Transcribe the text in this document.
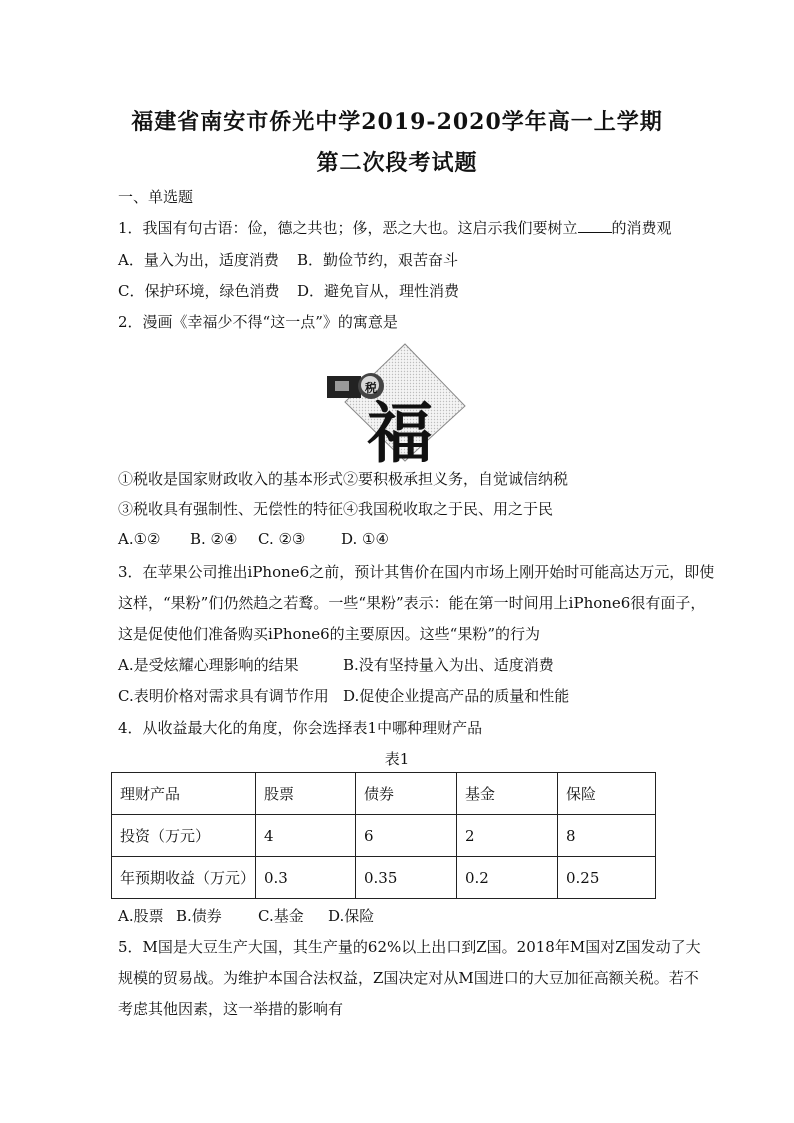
福建省南安市侨光中学2019-2020学年高一上学期
第二次段考试题
一、单选题
1．我国有句古语：俭，德之共也；侈，恶之大也。这启示我们要树立 的消费观
A．量入为出，适度消费 B．勤俭节约，艰苦奋斗
C．保护环境，绿色消费 D．避免盲从，理性消费
2．漫画《幸福少不得“这一点”》的寓意是
税
福
①税收是国家财政收入的基本形式 ②要积极承担义务，自觉诚信纳税
③税收具有强制性、无偿性的特征 ④我国税收取之于民、用之于民
A.①② B. ②④ C. ②③ D. ①④
3．在苹果公司推出iPhone6之前，预计其售价在国内市场上刚开始时可能高达万元，即使
这样，“果粉”们仍然趋之若鹜。一些“果粉”表示：能在第一时间用上iPhone6很有面子，
这是促使他们准备购买iPhone6的主要原因。这些“果粉”的行为
A.是受炫耀心理影响的结果	B.没有坚持量入为出、适度消费
C.表明价格对需求具有调节作用 D.促使企业提高产品的质量和性能
4．从收益最大化的角度，你会选择表1中哪种理财产品
表1
理财产品	股票	债券	基金	保险
投资（万元）	4	6	2	8
年预期收益（万元）	0.3	0.35	0.2	0.25
A.股票 B.债券 C.基金 D.保险
5．M国是大豆生产大国，其生产量的62%以上出口到Z国。2018年M国对Z国发动了大
规模的贸易战。为维护本国合法权益，Z国决定对从M国进口的大豆加征高额关税。若不
考虑其他因素，这一举措的影响有
